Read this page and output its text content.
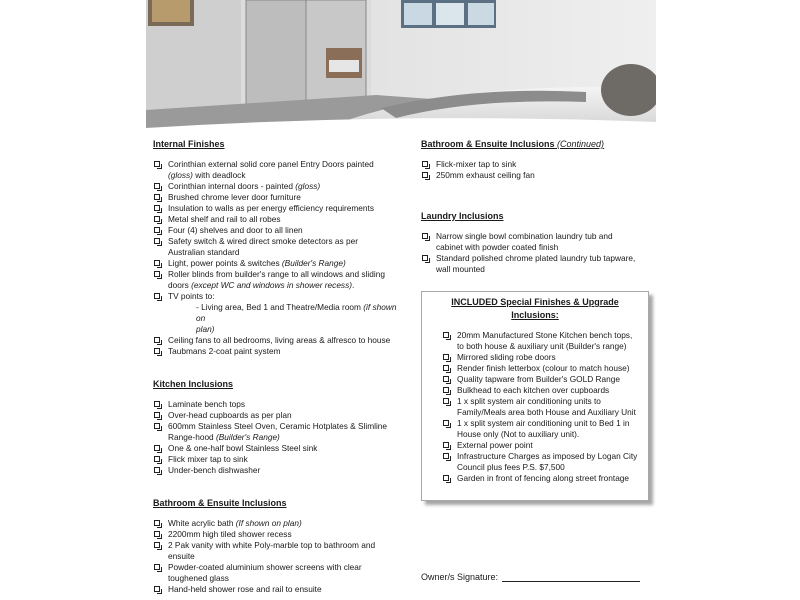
Internal Finishes
Corinthian external solid core panel Entry Doors painted
(gloss) with deadlock
Corinthian internal doors - painted (gloss)
Brushed chrome lever door furniture
Insulation to walls as per energy efficiency requirements
Metal shelf and rail to all robes
Four (4) shelves and door to all linen
Safety switch & wired direct smoke detectors as per
Australian standard
Light, power points & switches (Builder's Range)
Roller blinds from builder's range to all windows and sliding
doors (except WC and windows in shower recess).
TV points to:
- Living area, Bed 1 and Theatre/Media room (if shown on
plan)
Ceiling fans to all bedrooms, living areas & alfresco to house
Taubmans 2-coat paint system
Kitchen Inclusions
Laminate bench tops
Over-head cupboards as per plan
600mm Stainless Steel Oven, Ceramic Hotplates & Slimline
Range-hood (Builder's Range)
One & one-half bowl Stainless Steel sink
Flick mixer tap to sink
Under-bench dishwasher
Bathroom & Ensuite Inclusions
White acrylic bath (If shown on plan)
2200mm high tiled shower recess
2 Pak vanity with white Poly-marble top to bathroom and
ensuite
Powder-coated aluminium shower screens with clear
toughened glass
Hand-held shower rose and rail to ensuite
Bathroom & Ensuite Inclusions (Continued)
Flick-mixer tap to sink
250mm exhaust ceiling fan
Laundry Inclusions
Narrow single bowl combination laundry tub and
cabinet with powder coated finish
Standard polished chrome plated laundry tub tapware,
wall mounted
INCLUDED Special Finishes & Upgrade
Inclusions:
20mm Manufactured Stone Kitchen bench tops,
to both house & auxiliary unit (Builder's range)
Mirrored sliding robe doors
Render finish letterbox (colour to match house)
Quality tapware from Builder's GOLD Range
Bulkhead to each kitchen over cupboards
1 x split system air conditioning units to
Family/Meals area both House and Auxiliary Unit
1 x split system air conditioning unit to Bed 1 in
House only (Not to auxiliary unit).
External power point
Infrastructure Charges as imposed by Logan City
Council plus fees P.S. $7,500
Garden in front of fencing along street frontage
Owner/s Signature:
